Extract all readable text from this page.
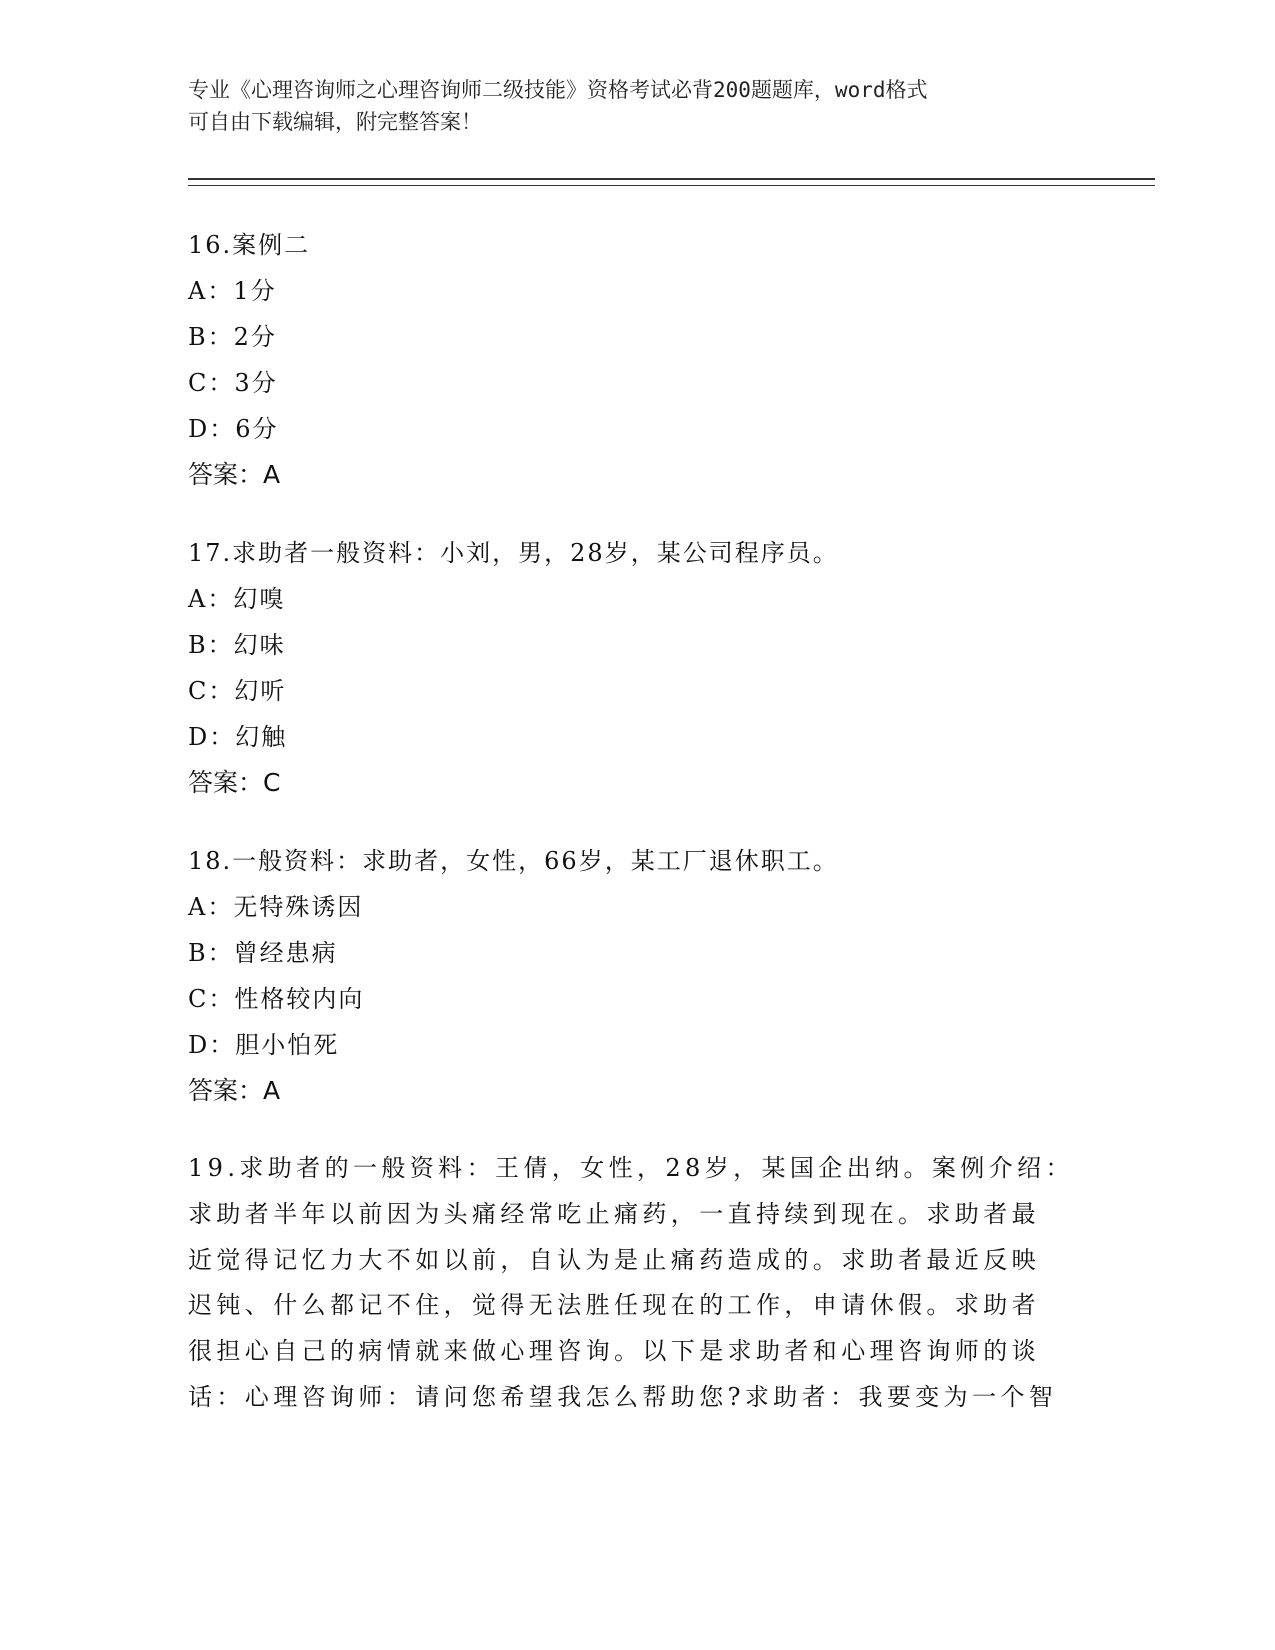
专业《心理咨询师之心理咨询师二级技能》资格考试必背200题题库，word格式
可自由下载编辑，附完整答案！
16.案例二
A：1分
B：2分
C：3分
D：6分
答案：A
17.求助者一般资料：小刘，男，28岁，某公司程序员。
A：幻嗅
B：幻味
C：幻听
D：幻触
答案：C
18.一般资料：求助者，女性，66岁，某工厂退休职工。
A：无特殊诱因
B：曾经患病
C：性格较内向
D：胆小怕死
答案：A
19.求助者的一般资料：王倩，女性，28岁，某国企出纳。案例介绍：
求助者半年以前因为头痛经常吃止痛药，一直持续到现在。求助者最
近觉得记忆力大不如以前，自认为是止痛药造成的。求助者最近反映
迟钝、什么都记不住，觉得无法胜任现在的工作，申请休假。求助者
很担心自己的病情就来做心理咨询。以下是求助者和心理咨询师的谈
话：心理咨询师：请问您希望我怎么帮助您?求助者：我要变为一个智
